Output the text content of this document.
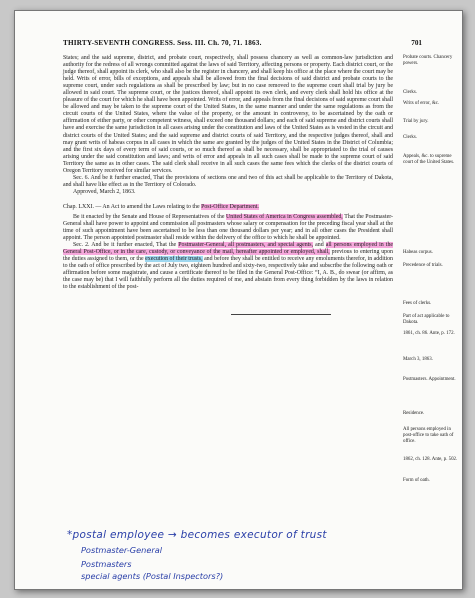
THIRTY-SEVENTH CONGRESS. Sess. III. Ch. 70, 71. 1863.	701

States; and the said supreme, district, and probate court, respectively, shall possess chancery as well as common-law jurisdiction and authority for the redress of all wrongs committed against the laws of said Territory, affecting persons or property. Each district court, or the judge thereof, shall appoint its clerk, who shall also be the register in chancery, and shall keep his office at the place where the court may be held. Writs of error, bills of exceptions, and appeals shall be allowed from the final decisions of said district and probate courts to the supreme court, under such regulations as shall be prescribed by law; but in no case removed to the supreme court shall trial by jury be allowed in said court. The supreme court, or the justices thereof, shall appoint its own clerk, and every clerk shall hold his office at the pleasure of the court for which he shall have been appointed. Writs of error, and appeals from the final decisions of said supreme court shall be allowed and may be taken to the supreme court of the United States, in the same manner and under the same regulations as from the circuit courts of the United States, where the value of the property, or the amount in controversy, to be ascertained by the oath or affirmation of either party, or other competent witness, shall exceed one thousand dollars; and each of said supreme and district courts shall have and exercise the same jurisdiction in all cases arising under the constitution and laws of the United States as is vested in the circuit and district courts of the United States; and the said supreme and district courts of said Territory, and the respective judges thereof, shall and may grant writs of habeas corpus in all cases in which the same are granted by the judges of the United States in the District of Columbia; and the first six days of every term of said courts, or so much thereof as shall be necessary, shall be appropriated to the trial of causes arising under the said constitution and laws; and writs of error and appeals in all such cases shall be made to the supreme court of said Territory the same as in other cases. The said clerk shall receive in all such cases the same fees which the clerks of the district courts of Oregon Territory received for similar services.

Sec. 6. And be it further enacted, That the provisions of sections one and two of this act shall be applicable to the Territory of Dakota, and shall have like effect as in the Territory of Colorado.

Approved, March 2, 1863.

Chap. LXXI. — An Act to amend the Laws relating to the Post-Office Department.

Be it enacted by the Senate and House of Representatives of the United States of America in Congress assembled, That the Postmaster-General shall have power to appoint and commission all postmasters whose salary or compensation for the preceding fiscal year shall at the time of such appointment have been ascertained to be less than one thousand dollars per year; and in all other cases the President shall appoint. The person appointed postmaster shall reside within the delivery of the office to which he shall be appointed.

Sec. 2. And be it further enacted, That the Postmaster-General, all postmasters, and special agents, and all persons employed in the General Post-Office, or in the care, custody, or conveyance of the mail, hereafter appointed or employed, shall, previous to entering upon the duties assigned to them, or the execution of their trusts, and before they shall be entitled to receive any emoluments therefor, in addition to the oath of office prescribed by the act of July two, eighteen hundred and sixty-two, respectively take and subscribe the following oath or affirmation before some magistrate, and cause a certificate thereof to be filed in the General Post-Office: “I, A. B., do swear (or affirm, as the case may be) that I will faithfully perform all the duties required of me, and abstain from every thing forbidden by the laws in relation to the establishment of the post-

Probate courts. Chancery powers.
Clerks.
Writs of error, &c.
Trial by jury.
Clerks.
Appeals, &c. to supreme court of the United States.
Habeas corpus.
Precedence of trials.
Fees of clerks.
Part of act applicable to Dakota.
1861, ch. 86. Ante, p. 172.
March 3, 1863.
Postmasters. Appointment.
Residence.
All persons employed in post-office to take oath of office.
1862, ch. 128. Ante, p. 502.
Form of oath.
*postal employee → becomes executor of trust
Postmaster-General
Postmasters
special agents (Postal Inspectors?)
